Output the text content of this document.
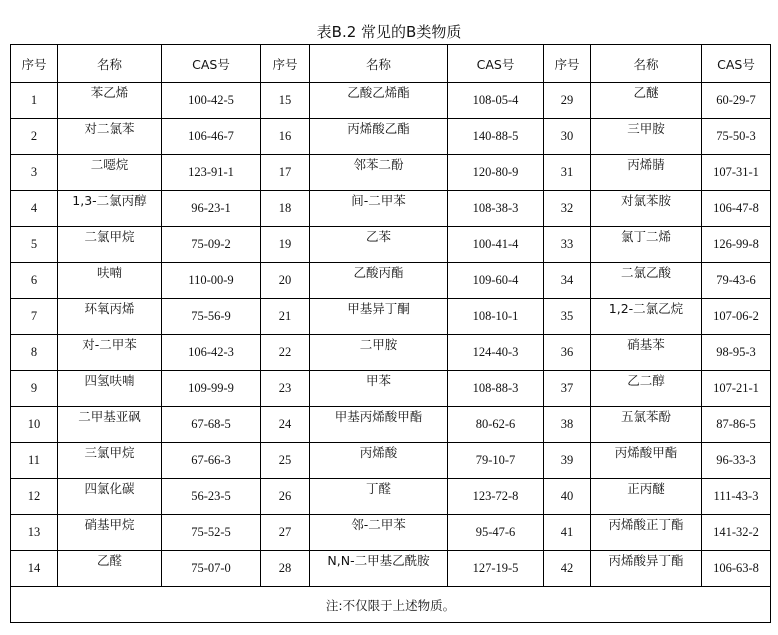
表B.2 常见的B类物质
序号	名称	CAS号	序号	名称	CAS号	序号	名称	CAS号
1	苯乙烯	100-42-5	15	乙酸乙烯酯	108-05-4	29	乙醚	60-29-7
2	对二氯苯	106-46-7	16	丙烯酸乙酯	140-88-5	30	三甲胺	75-50-3
3	二噁烷	123-91-1	17	邻苯二酚	120-80-9	31	丙烯腈	107-31-1
4	1,3-二氯丙醇	96-23-1	18	间-二甲苯	108-38-3	32	对氯苯胺	106-47-8
5	二氯甲烷	75-09-2	19	乙苯	100-41-4	33	氯丁二烯	126-99-8
6	呋喃	110-00-9	20	乙酸丙酯	109-60-4	34	二氯乙酸	79-43-6
7	环氧丙烯	75-56-9	21	甲基异丁酮	108-10-1	35	1,2-二氯乙烷	107-06-2
8	对-二甲苯	106-42-3	22	二甲胺	124-40-3	36	硝基苯	98-95-3
9	四氢呋喃	109-99-9	23	甲苯	108-88-3	37	乙二醇	107-21-1
10	二甲基亚砜	67-68-5	24	甲基丙烯酸甲酯	80-62-6	38	五氯苯酚	87-86-5
11	三氯甲烷	67-66-3	25	丙烯酸	79-10-7	39	丙烯酸甲酯	96-33-3
12	四氯化碳	56-23-5	26	丁醛	123-72-8	40	正丙醚	111-43-3
13	硝基甲烷	75-52-5	27	邻-二甲苯	95-47-6	41	丙烯酸正丁酯	141-32-2
14	乙醛	75-07-0	28	N,N-二甲基乙酰胺	127-19-5	42	丙烯酸异丁酯	106-63-8
注:不仅限于上述物质。								
